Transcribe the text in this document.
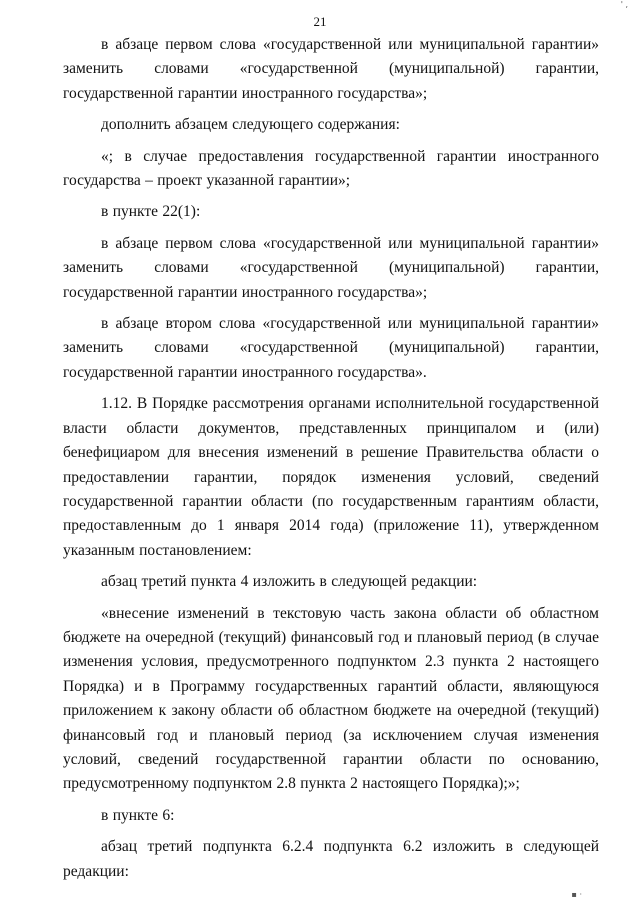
' ,
21

в абзаце первом слова «государственной или муниципальной гарантии» заменить словами «государственной (муниципальной) гарантии, государственной гарантии иностранного государства»;

дополнить абзацем следующего содержания:

«; в случае предоставления государственной гарантии иностранного государства – проект указанной гарантии»;

в пункте 22(1):

в абзаце первом слова «государственной или муниципальной гарантии» заменить словами «государственной (муниципальной) гарантии, государственной гарантии иностранного государства»;

в абзаце втором слова «государственной или муниципальной гарантии» заменить словами «государственной (муниципальной) гарантии, государственной гарантии иностранного государства».

1.12. В Порядке рассмотрения органами исполнительной государственной власти области документов, представленных принципалом и (или) бенефициаром для внесения изменений в решение Правительства области о предоставлении гарантии, порядок изменения условий, сведений государственной гарантии области (по государственным гарантиям области, предоставленным до 1 января 2014 года) (приложение 11), утвержденном указанным постановлением:

абзац третий пункта 4 изложить в следующей редакции:

«внесение изменений в текстовую часть закона области об областном бюджете на очередной (текущий) финансовый год и плановый период (в случае изменения условия, предусмотренного подпунктом 2.3 пункта 2 настоящего Порядка) и в Программу государственных гарантий области, являющуюся приложением к закону области об областном бюджете на очередной (текущий) финансовый год и плановый период (за исключением случая изменения условий, сведений государственной гарантии области по основанию, предусмотренному подпунктом 2.8 пункта 2 настоящего Порядка);»;

в пункте 6:

абзац третий подпункта 6.2.4 подпункта 6.2 изложить в следующей редакции:

▪ ·
